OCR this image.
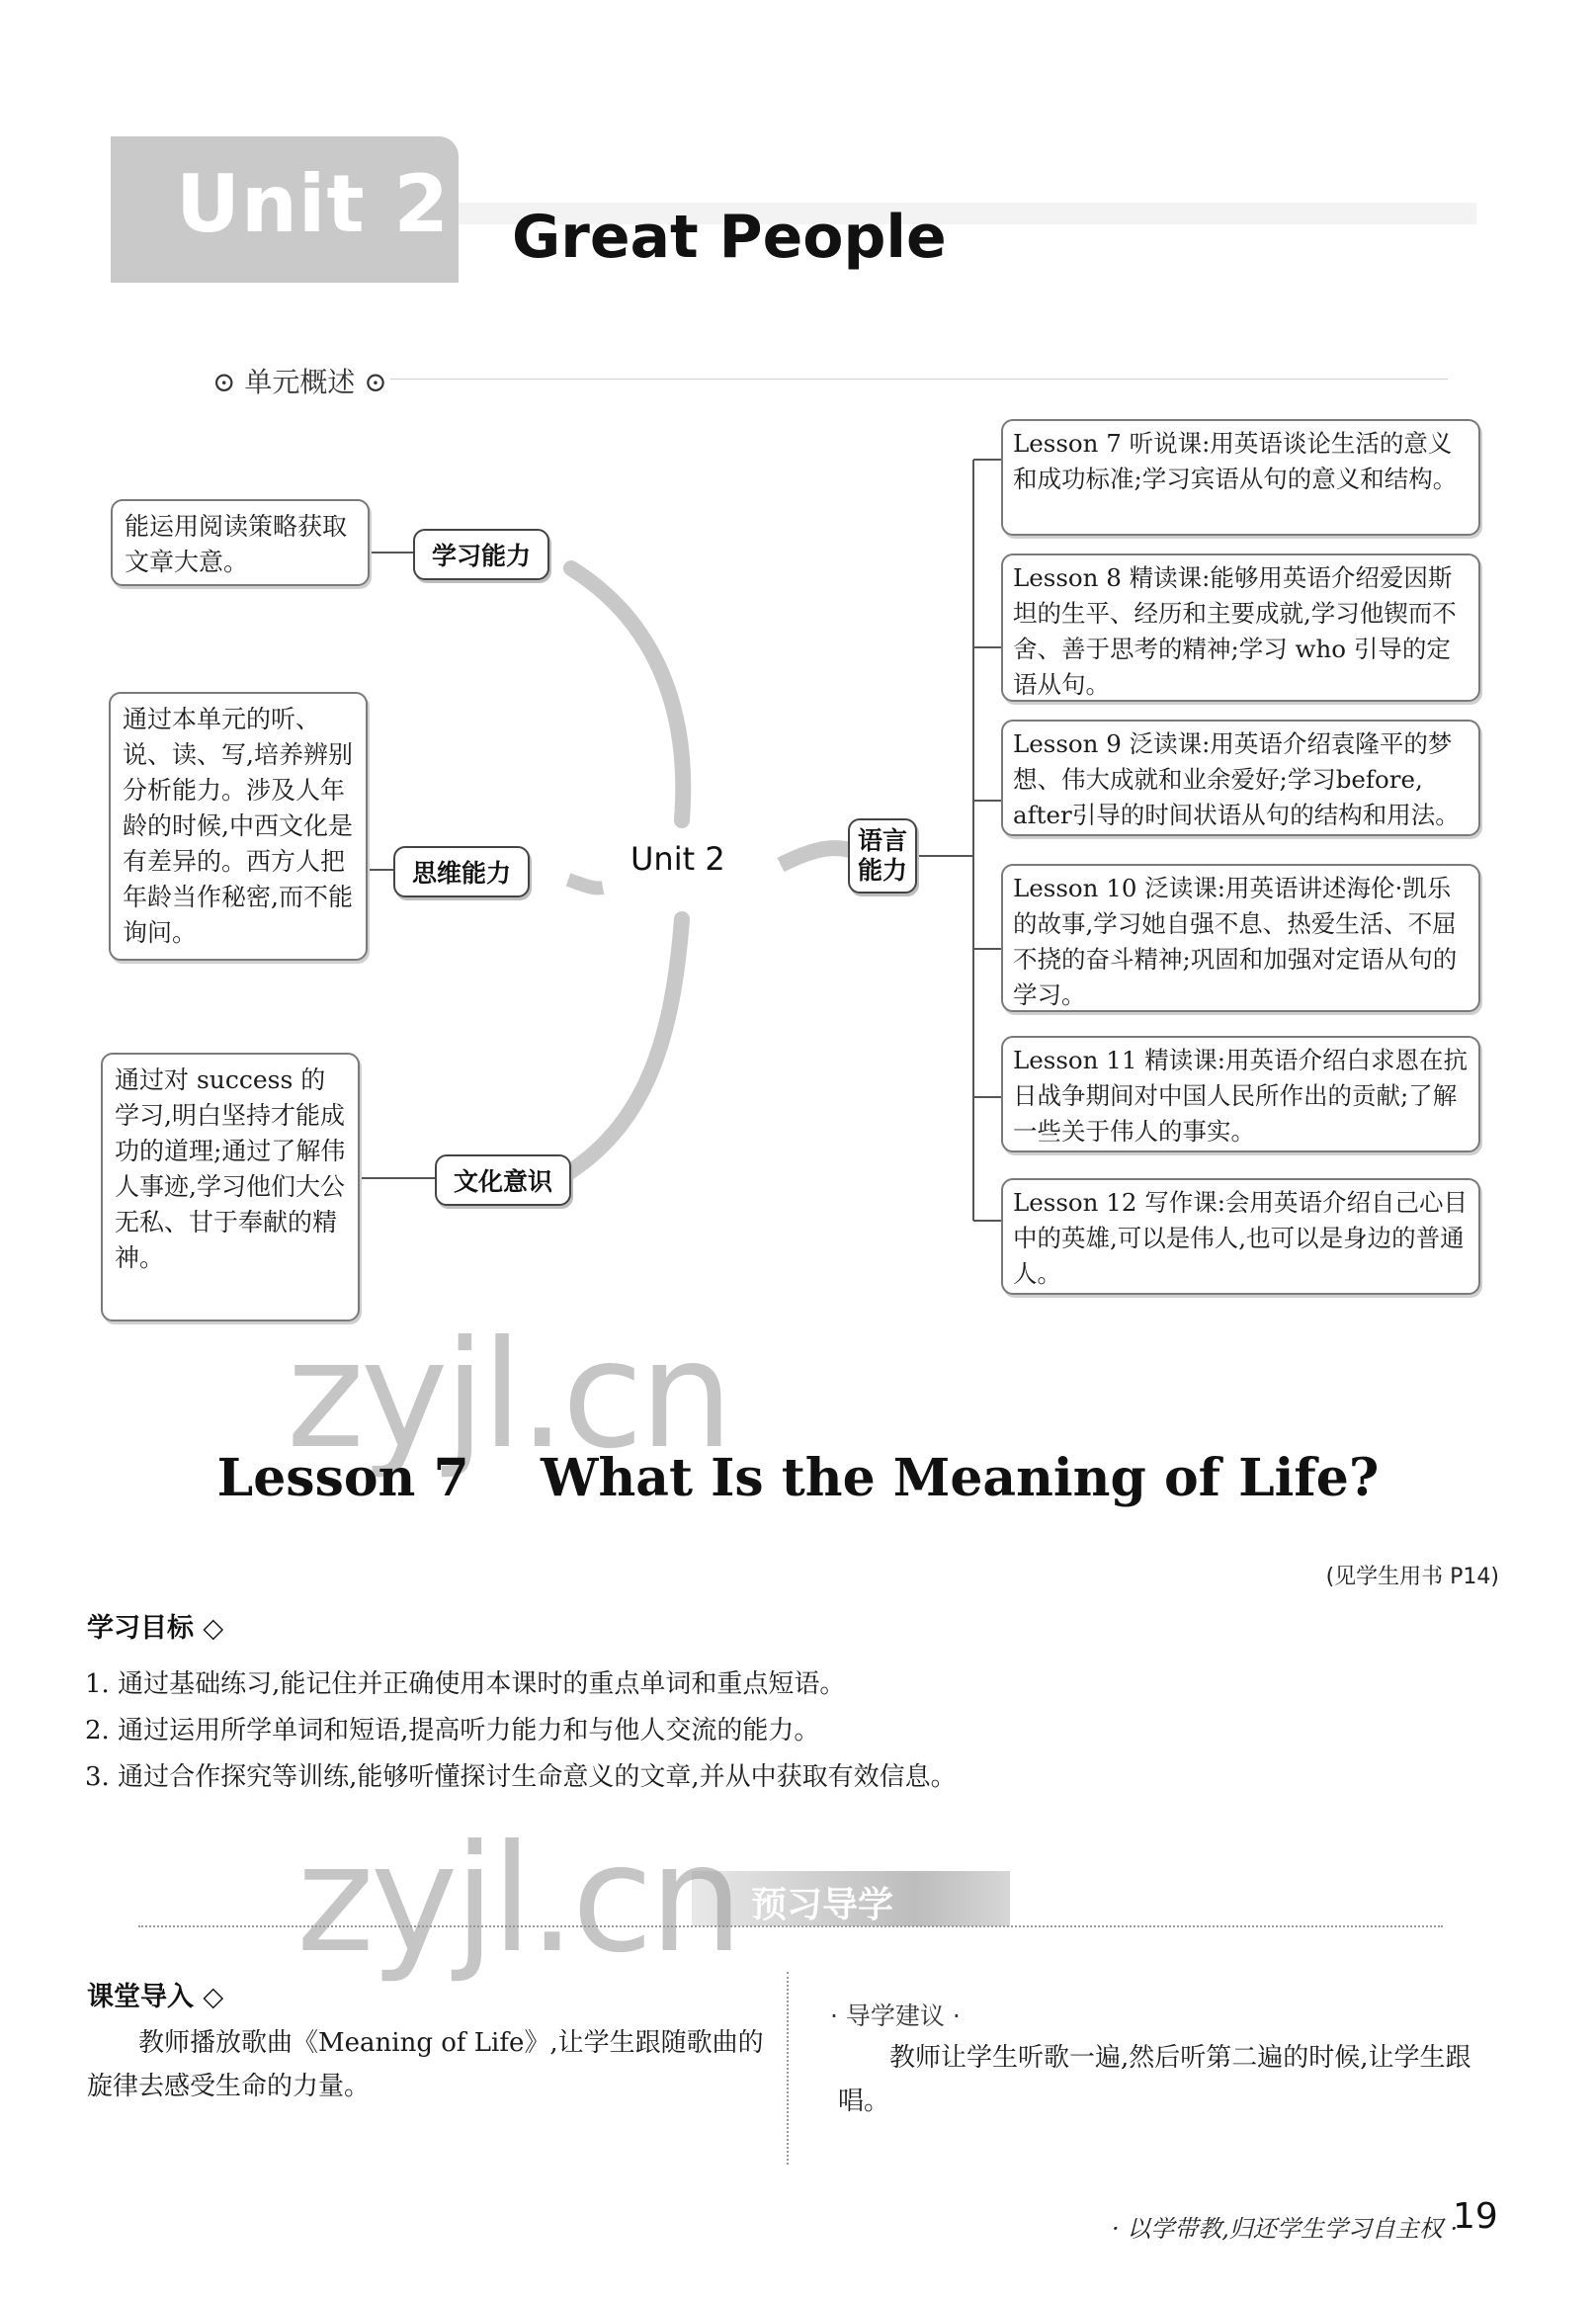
Unit 2 Great People
⊙ 单元概述 ⊙
能运用阅读策略获取文章大意。	学习能力
通过本单元的听、说、读、写,培养辨别分析能力。涉及人年龄的时候,中西文化是有差异的。西方人把年龄当作秘密,而不能询问。
思维能力
通过对 success 的学习,明白坚持才能成功的道理;通过了解伟人事迹,学习他们大公无私、甘于奉献的精神。
文化意识
Unit 2	语言能力
Lesson 7 听说课:用英语谈论生活的意义和成功标准;学习宾语从句的意义和结构。
Lesson 8 精读课:能够用英语介绍爱因斯坦的生平、经历和主要成就,学习他锲而不舍、善于思考的精神;学习 who 引导的定语从句。
Lesson 9 泛读课:用英语介绍袁隆平的梦想、伟大成就和业余爱好;学习before, after引导的时间状语从句的结构和用法。
Lesson 10 泛读课:用英语讲述海伦·凯乐的故事,学习她自强不息、热爱生活、不屈不挠的奋斗精神;巩固和加强对定语从句的学习。
Lesson 11 精读课:用英语介绍白求恩在抗日战争期间对中国人民所作出的贡献;了解一些关于伟人的事实。
Lesson 12 写作课:会用英语介绍自己心目中的英雄,可以是伟人,也可以是身边的普通人。
zyjl.cn
Lesson 7    What Is the Meaning of Life?
(见学生用书 P14)
学习目标 ◇
1. 通过基础练习,能记住并正确使用本课时的重点单词和重点短语。
2. 通过运用所学单词和短语,提高听力能力和与他人交流的能力。
3. 通过合作探究等训练,能够听懂探讨生命意义的文章,并从中获取有效信息。
预习导学
zyjl.cn
课堂导入 ◇
教师播放歌曲《Meaning of Life》,让学生跟随歌曲的旋律去感受生命的力量。
· 导学建议 ·
教师让学生听歌一遍,然后听第二遍的时候,让学生跟唱。
· 以学带教,归还学生学习自主权 ·
19
